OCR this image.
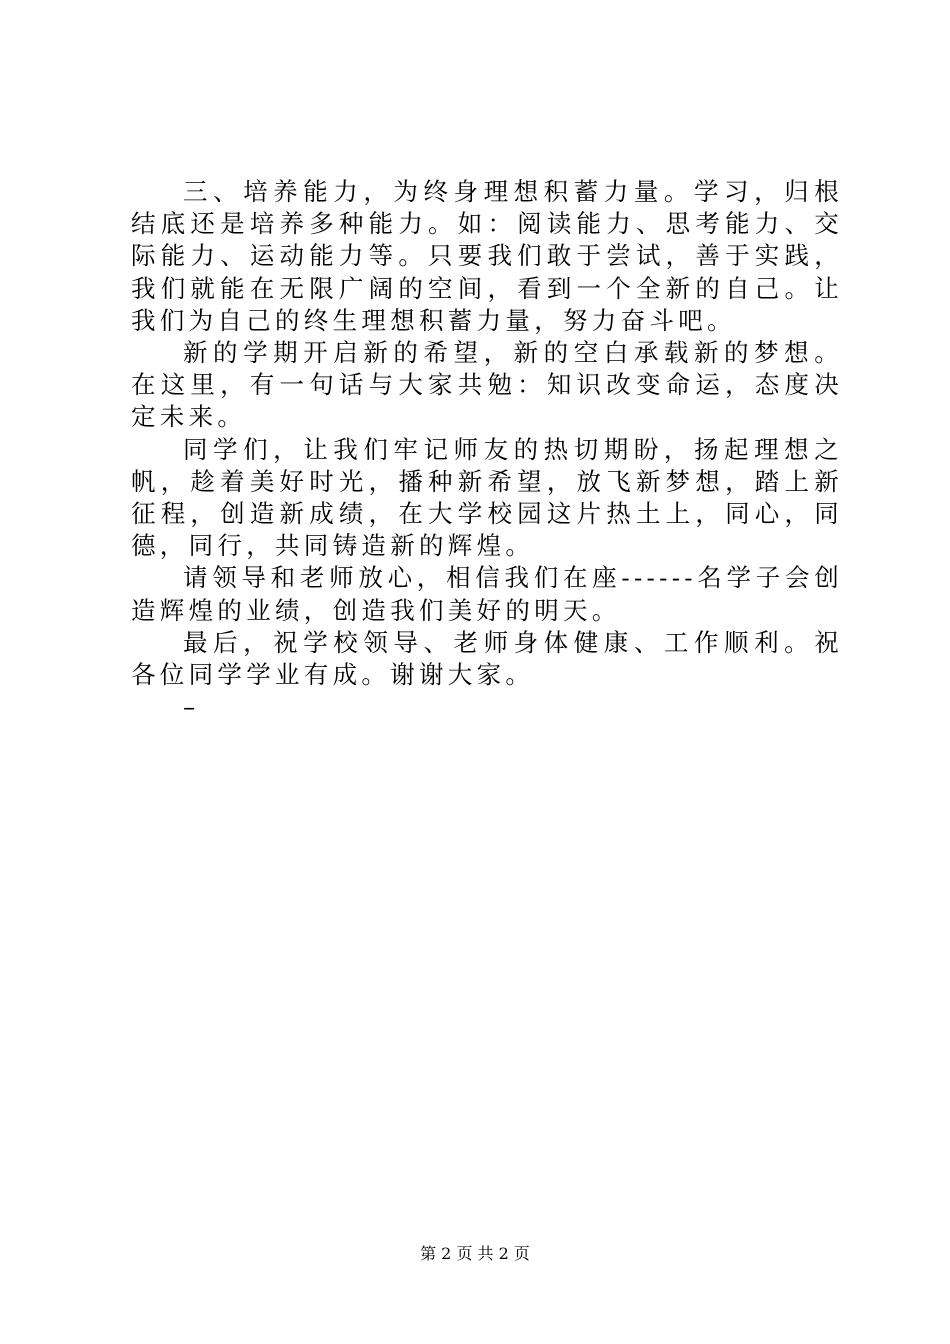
三、培养能力，为终身理想积蓄力量。学习，归根结底还是培养多种能力。如：阅读能力、思考能力、交际能力、运动能力等。只要我们敢于尝试，善于实践，我们就能在无限广阔的空间，看到一个全新的自己。让我们为自己的终生理想积蓄力量，努力奋斗吧。

新的学期开启新的希望，新的空白承载新的梦想。在这里，有一句话与大家共勉：知识改变命运，态度决定未来。

同学们，让我们牢记师友的热切期盼，扬起理想之帆，趁着美好时光，播种新希望，放飞新梦想，踏上新征程，创造新成绩，在大学校园这片热土上，同心，同德，同行，共同铸造新的辉煌。

请领导和老师放心，相信我们在座------名学子会创造辉煌的业绩，创造我们美好的明天。

最后，祝学校领导、老师身体健康、工作顺利。祝各位同学学业有成。谢谢大家。

–

第 2 页 共 2 页
